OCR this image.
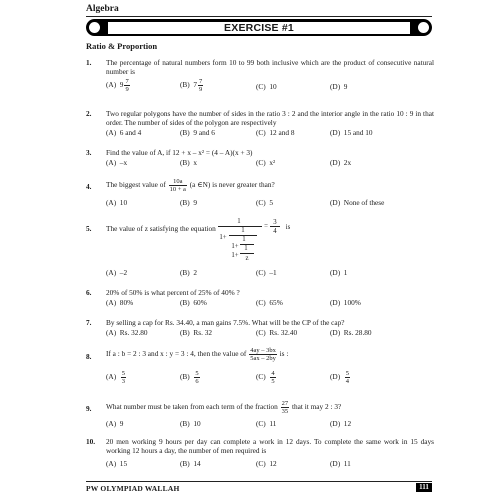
Algebra
EXERCISE #1
Ratio & Proportion
1.	The percentage of natural numbers form 10 to 99 both inclusive which are the product of consecutive natural number is
(A) $9 \frac{7}{9}$	(B) $7 \frac{7}{9}$	(C) 10	(D) 9
2.	Two regular polygons have the number of sides in the ratio 3 : 2 and the interior angle in the ratio 10 : 9 in that order. The number of sides of the polygon are respectively
(A) 6 and 4	(B) 9 and 6	(C) 12 and 8	(D) 15 and 10
3.	Find the value of A, if 12 + x – x² = (4 – A)(x + 3)
(A) –x	(B) x	(C) x²	(D) 2x
4.	The biggest value of $\frac{10a}{10 + a} (a$ ∈N) is never greater than?
(A) 10	(B) 9	(C) 5	(D) None of these
5.	The value of z satisfying the equation
1
1
1+	1
1+ 1
1+	z
=
3
4
is
(A) –2	(B) 2	(C) –1	(D) 1
6.	20% of 50% is what percent of 25% of 40% ?
(A) 80%	(B) 60%	(C) 65%	(D) 100%
7.	By selling a cap for Rs. 34.40, a man gains 7.5%. What will be the CP of the cap?
(A) Rs. 32.80	(B) Rs. 32	(C) Rs. 32.40	(D) Rs. 28.80
8.	If a : b = 2 : 3 and x : y = 3 : 4, then the value of $\frac{4ay - 3bx}{5ax - 2by}$ is :
$(A) \frac{5}{3}$	$(B) \frac{5}{6}$	$(C) \frac{4}{5}$	$(D) \frac{5}{4}$
9.	What number must be taken from each term of the fraction $\frac{27}{35}$ that it may 2 : 3?
(A) 9	(B) 10	(C) 11	(D) 12
10.	20 men working 9 hours per day can complete a work in 12 days. To complete the same work in 15 days working 12 hours a day, the number of men required is
(A) 15	(B) 14	(C) 12	(D) 11
PW OLYMPIAD WALLAH	111
